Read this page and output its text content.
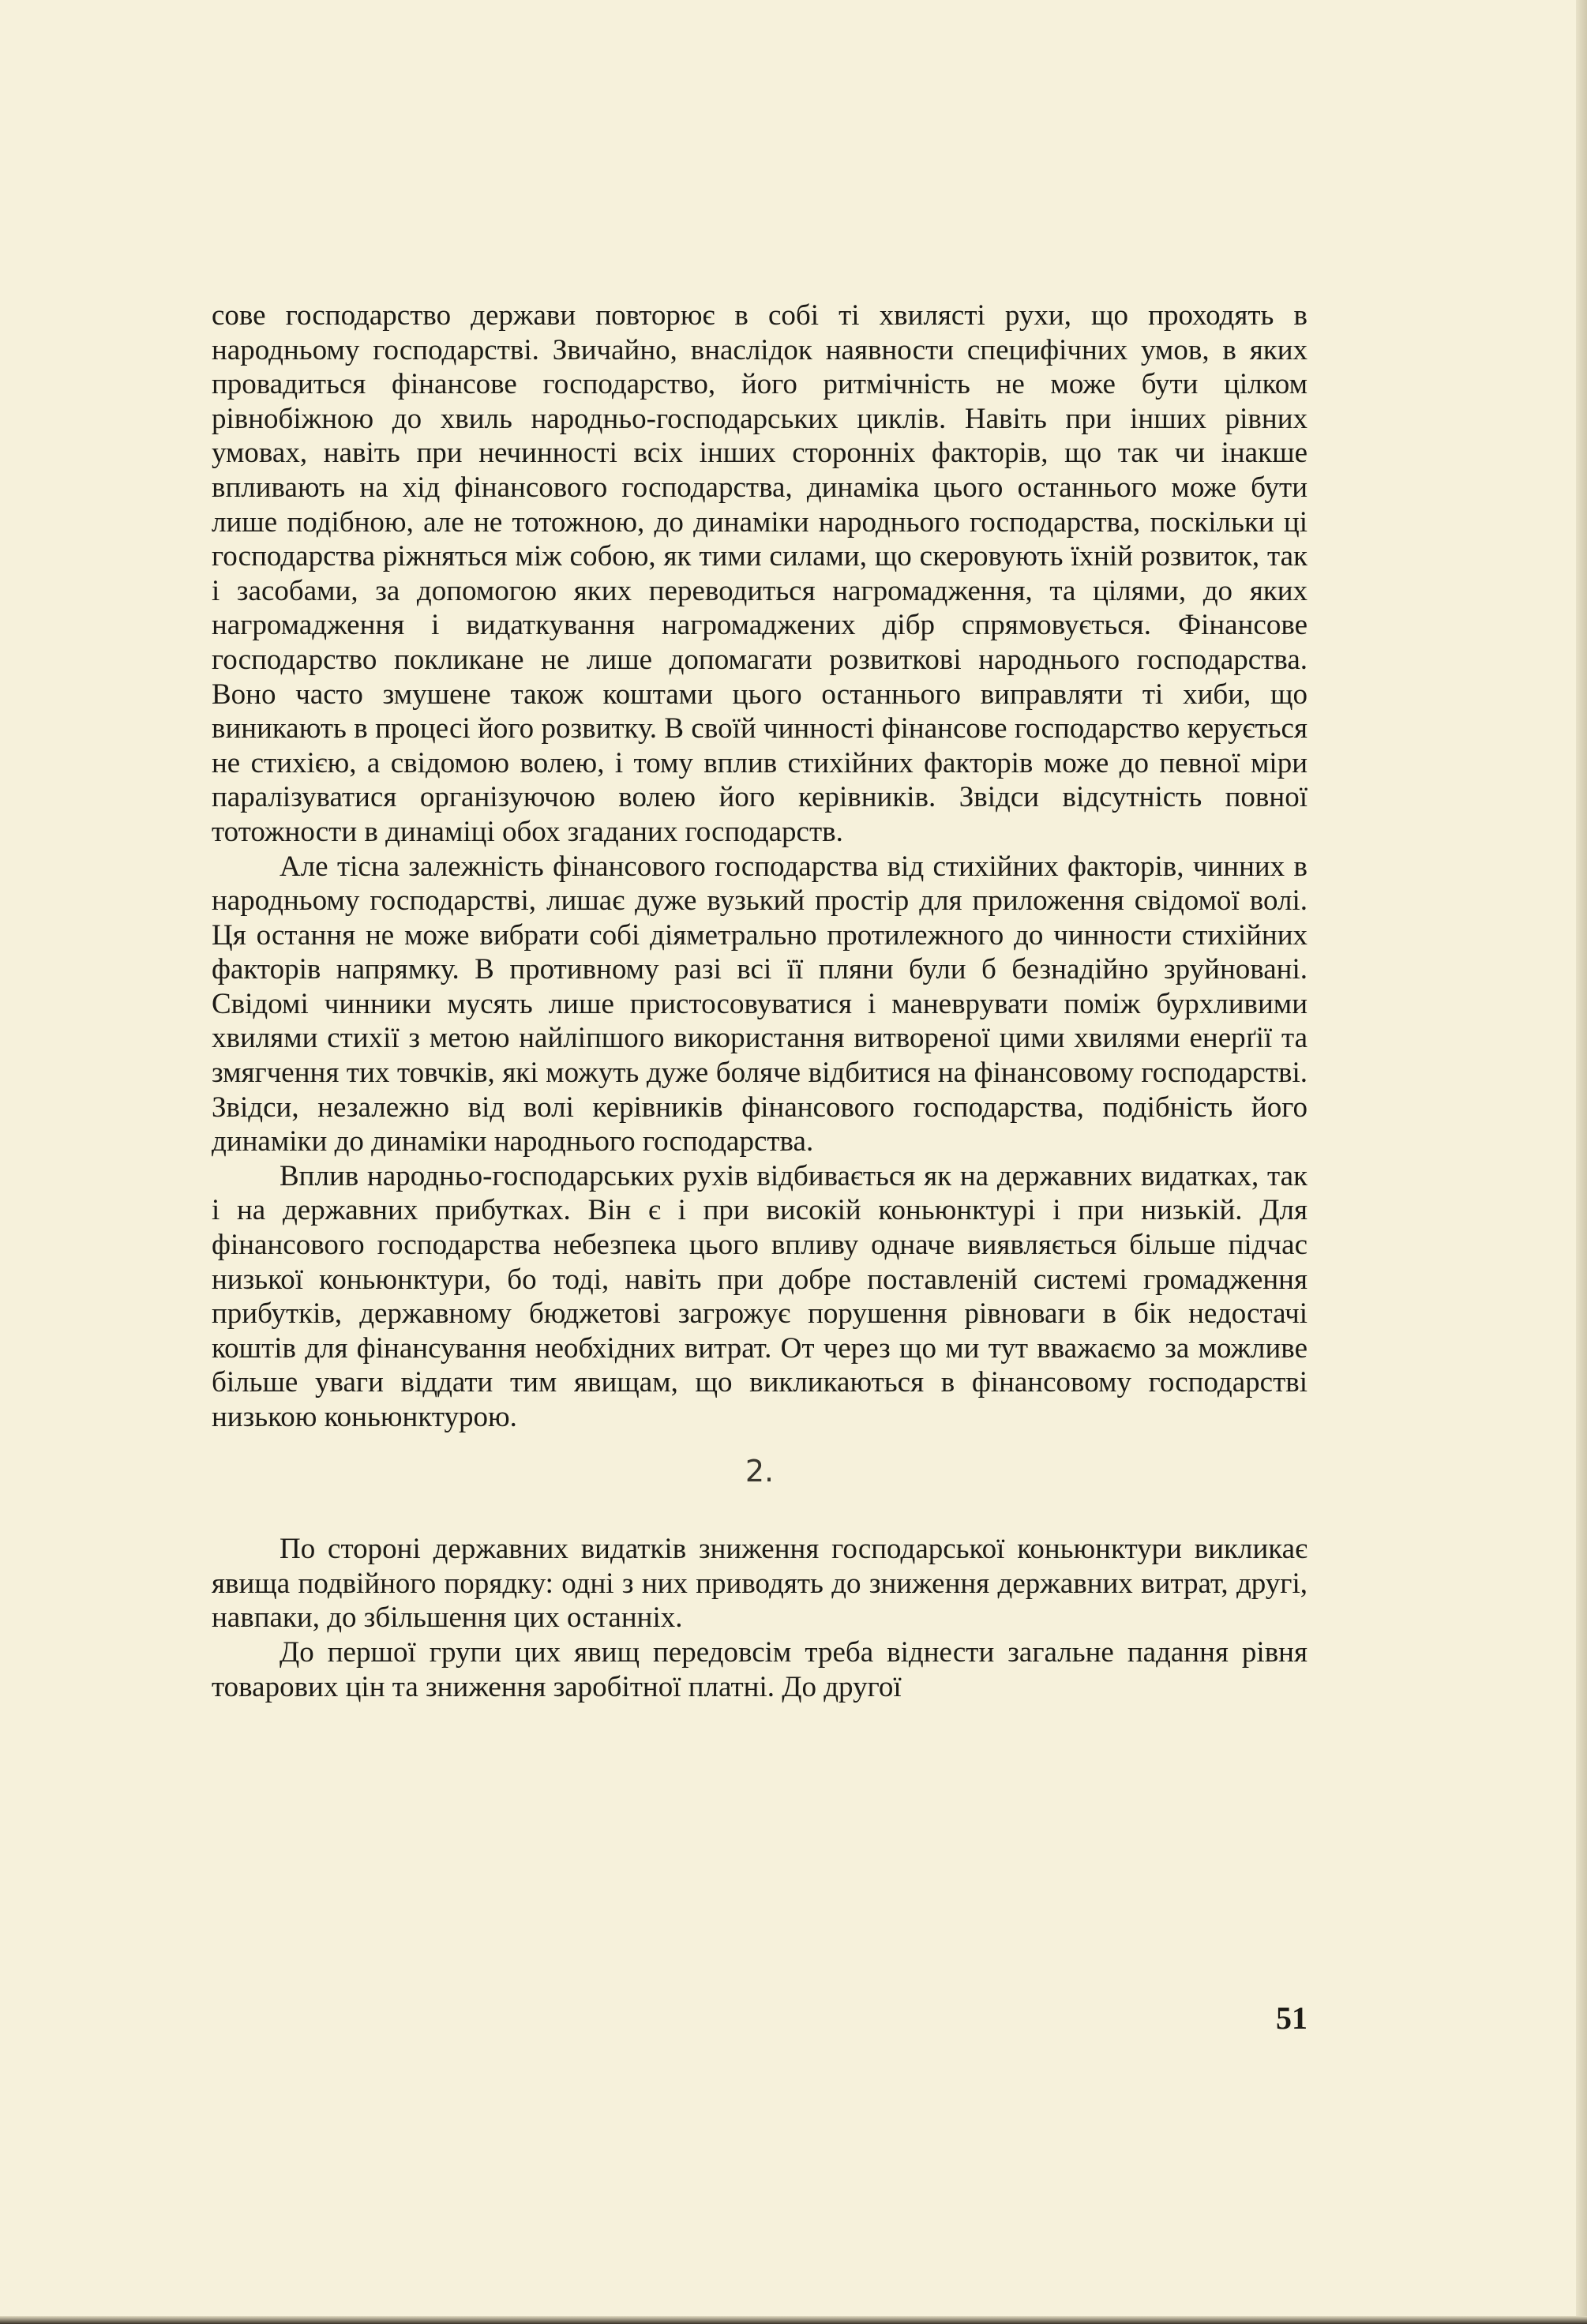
сове господарство держави повторює в собі ті хвилясті рухи, що проходять в народньому господарстві. Звичайно, внаслідок наявности специфічних умов, в яких провадиться фінансове господарство, його ритмічність не може бути цілком рівнобіжною до хвиль народньо-господарських циклів. Навіть при інших рівних умовах, навіть при нечинності всіх інших сторонніх факторів, що так чи інакше впливають на хід фінансового господарства, динаміка цього останнього може бути лише подібною, але не тотожною, до динаміки народнього господарства, поскільки ці господарства ріжняться між собою, як тими силами, що скеровують їхній розвиток, так і засобами, за допомогою яких переводиться нагромадження, та цілями, до яких нагромадження і видаткування нагромаджених дібр спрямовується. Фінансове господарство покликане не лише допомагати розвиткові народнього господарства. Воно часто змушене також коштами цього останнього виправляти ті хиби, що виникають в процесі його розвитку. В своїй чинності фінансове господарство керується не стихією, а свідомою волею, і тому вплив стихійних факторів може до певної міри паралізуватися організуючою волею його керівників. Звідси відсутність повної тотожности в динаміці обох згаданих господарств.

Але тісна залежність фінансового господарства від стихійних факторів, чинних в народньому господарстві, лишає дуже вузький простір для приложення свідомої волі. Ця остання не може вибрати собі діяметрально протилежного до чинности стихійних факторів напрямку. В противному разі всі її пляни були б безнадійно зруйновані. Свідомі чинники мусять лише пристосовуватися і маневрувати поміж бурхливими хвилями стихії з метою найліпшого використання витвореної цими хвилями енерґії та змягчення тих товчків, які можуть дуже боляче відбитися на фінансовому господарстві. Звідси, незалежно від волі керівників фінансового господарства, подібність його динаміки до динаміки народнього господарства.

Вплив народньо-господарських рухів відбивається як на державних видатках, так і на державних прибутках. Він є і при високій коньюнктурі і при низькій. Для фінансового господарства небезпека цього впливу одначе виявляється більше підчас низької коньюнктури, бо тоді, навіть при добре поставленій системі громадження прибутків, державному бюджетові загрожує порушення рівноваги в бік недостачі коштів для фінансування необхідних витрат. От через що ми тут вважаємо за можливе більше уваги віддати тим явищам, що викликаються в фінансовому господарстві низькою коньюнктурою.

2.

По стороні державних видатків зниження господарської коньюнктури викликає явища подвійного порядку: одні з них приводять до зниження державних витрат, другі, навпаки, до збільшення цих останніх.

До першої групи цих явищ передовсім треба віднести загальне падання рівня товарових цін та зниження заробітної платні. До другої

51
